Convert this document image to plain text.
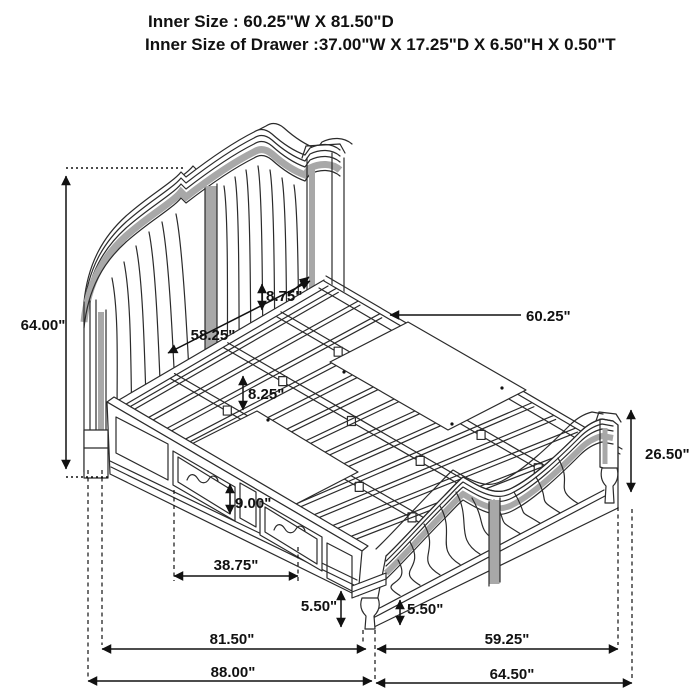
64.00"
8.75"
58.25"
60.25"
8.25"
26.50"
9.00"
38.75"
5.50"	5.50"
81.50"	59.25"
88.00"	64.50"
Inner Size : 60.25"W X 81.50"D
Inner Size of Drawer :37.00"W X 17.25"D X 6.50"H X 0.50"T
